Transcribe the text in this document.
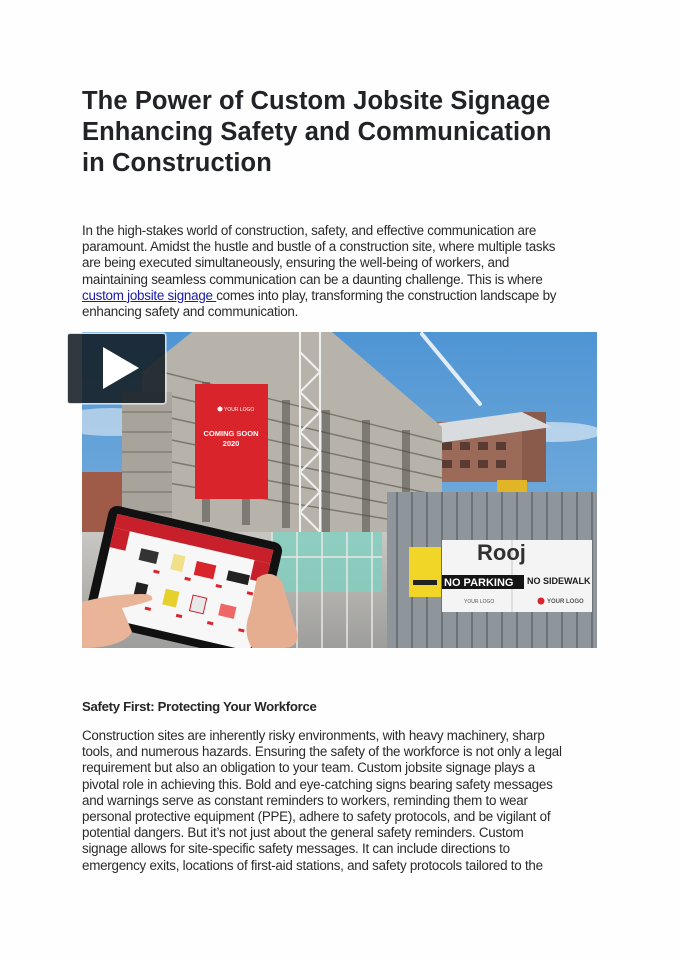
The Power of Custom Jobsite Signage
Enhancing Safety and Communication
in Construction

In the high-stakes world of construction, safety, and effective communication are
paramount. Amidst the hustle and bustle of a construction site, where multiple tasks
are being executed simultaneously, ensuring the well-being of workers, and
maintaining seamless communication can be a daunting challenge. This is where
custom jobsite signage comes into play, transforming the construction landscape by
enhancing safety and communication.

YOUR LOGO
COMING SOON
2020
Rooj
NO PARKING NO SIDEWALK
YOUR LOGO	YOUR LOGO
Safety First: Protecting Your Workforce

Construction sites are inherently risky environments, with heavy machinery, sharp
tools, and numerous hazards. Ensuring the safety of the workforce is not only a legal
requirement but also an obligation to your team. Custom jobsite signage plays a
pivotal role in achieving this. Bold and eye-catching signs bearing safety messages
and warnings serve as constant reminders to workers, reminding them to wear
personal protective equipment (PPE), adhere to safety protocols, and be vigilant of
potential dangers. But it’s not just about the general safety reminders. Custom
signage allows for site-specific safety messages. It can include directions to
emergency exits, locations of first-aid stations, and safety protocols tailored to the
